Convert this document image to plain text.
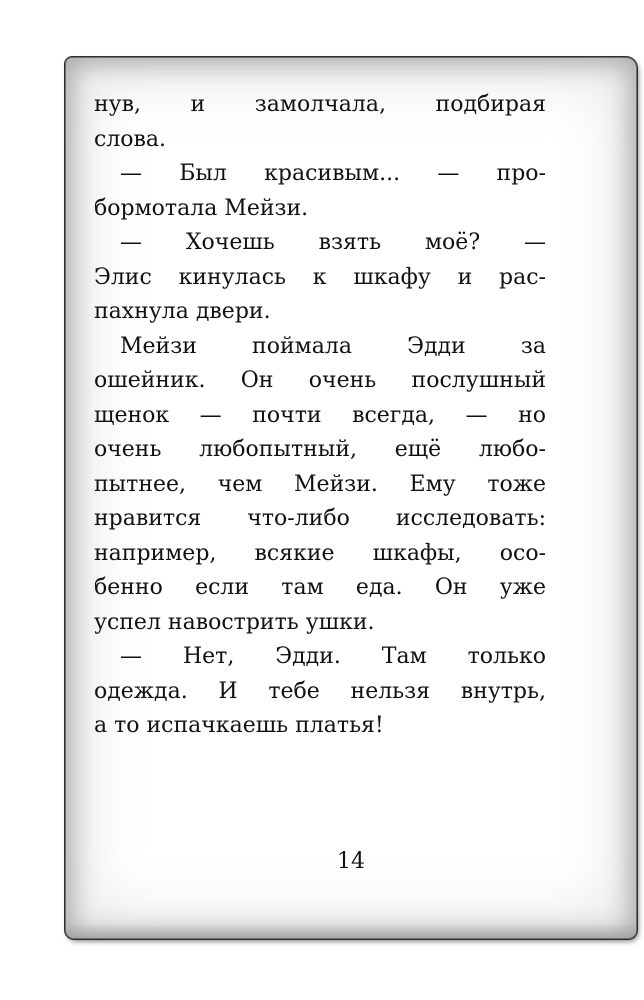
нув, и замолчала, подбирая
слова.
— Был красивым... — про-
бормотала Мейзи.
— Хочешь взять моё? —
Элис кинулась к шкафу и рас-
пахнула двери.
Мейзи поймала Эдди за
ошейник. Он очень послушный
щенок — почти всегда, — но
очень любопытный, ещё любо-
пытнее, чем Мейзи. Ему тоже
нравится что-либо исследовать:
например, всякие шкафы, осо-
бенно если там еда. Он уже
успел навострить ушки.
— Нет, Эдди. Там только
одежда. И тебе нельзя внутрь,
а то испачкаешь платья!
14
